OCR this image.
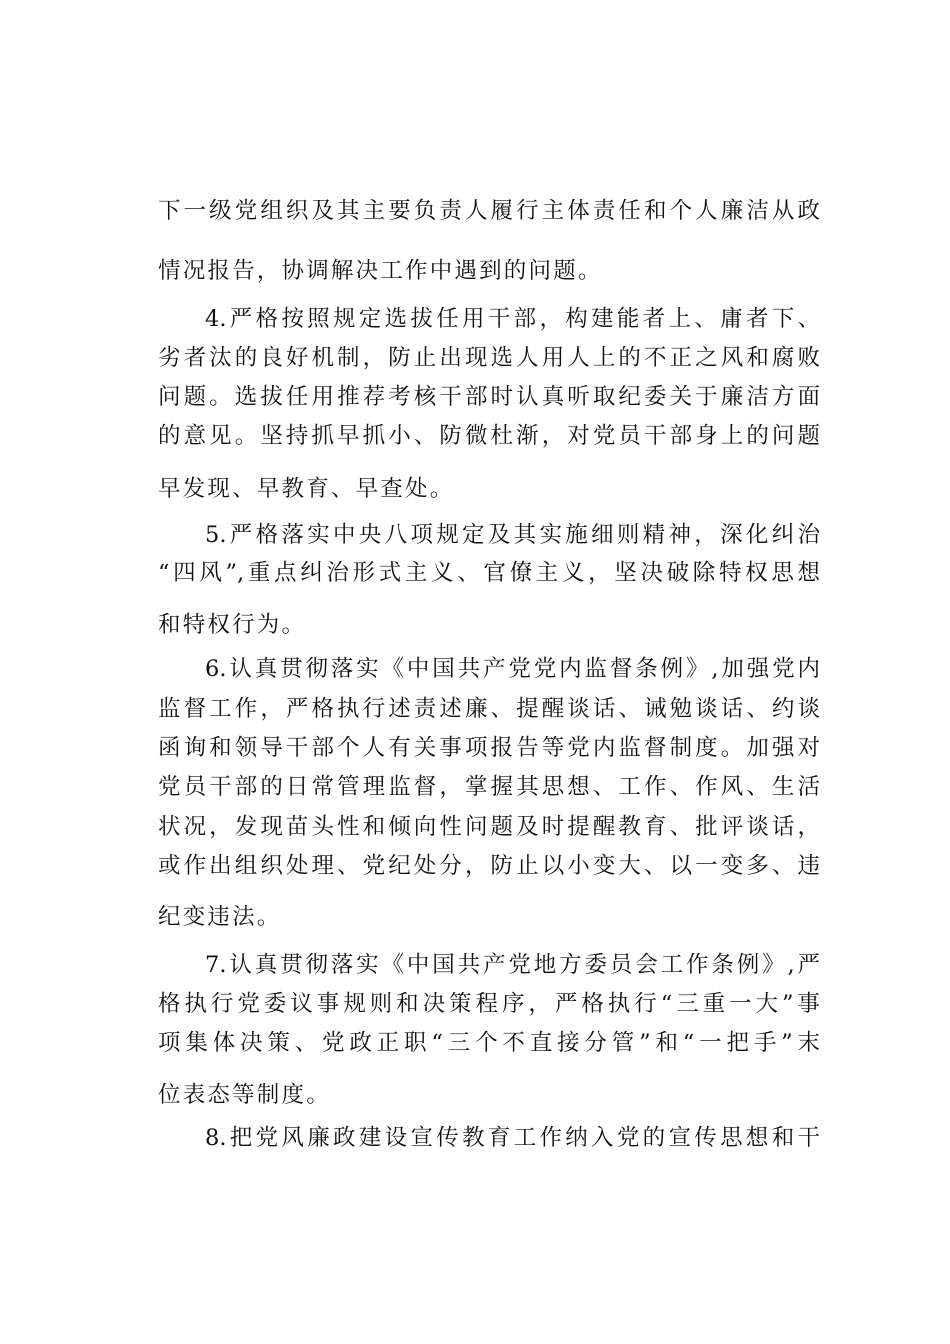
下一级党组织及其主要负责人履行主体责任和个人廉洁从政
情况报告，协调解决工作中遇到的问题。
4.严格按照规定选拔任用干部，构建能者上、庸者下、
劣者汰的良好机制，防止出现选人用人上的不正之风和腐败
问题。选拔任用推荐考核干部时认真听取纪委关于廉洁方面
的意见。坚持抓早抓小、防微杜渐，对党员干部身上的问题
早发现、早教育、早查处。
5.严格落实中央八项规定及其实施细则精神，深化纠治
“四风”,重点纠治形式主义、官僚主义，坚决破除特权思想
和特权行为。
6.认真贯彻落实《中国共产党党内监督条例》,加强党内
监督工作，严格执行述责述廉、提醒谈话、诫勉谈话、约谈
函询和领导干部个人有关事项报告等党内监督制度。加强对
党员干部的日常管理监督，掌握其思想、工作、作风、生活
状况，发现苗头性和倾向性问题及时提醒教育、批评谈话，
或作出组织处理、党纪处分，防止以小变大、以一变多、违
纪变违法。
7.认真贯彻落实《中国共产党地方委员会工作条例》,严
格执行党委议事规则和决策程序，严格执行“三重一大”事
项集体决策、党政正职“三个不直接分管”和“一把手”末
位表态等制度。
8.把党风廉政建设宣传教育工作纳入党的宣传思想和干
